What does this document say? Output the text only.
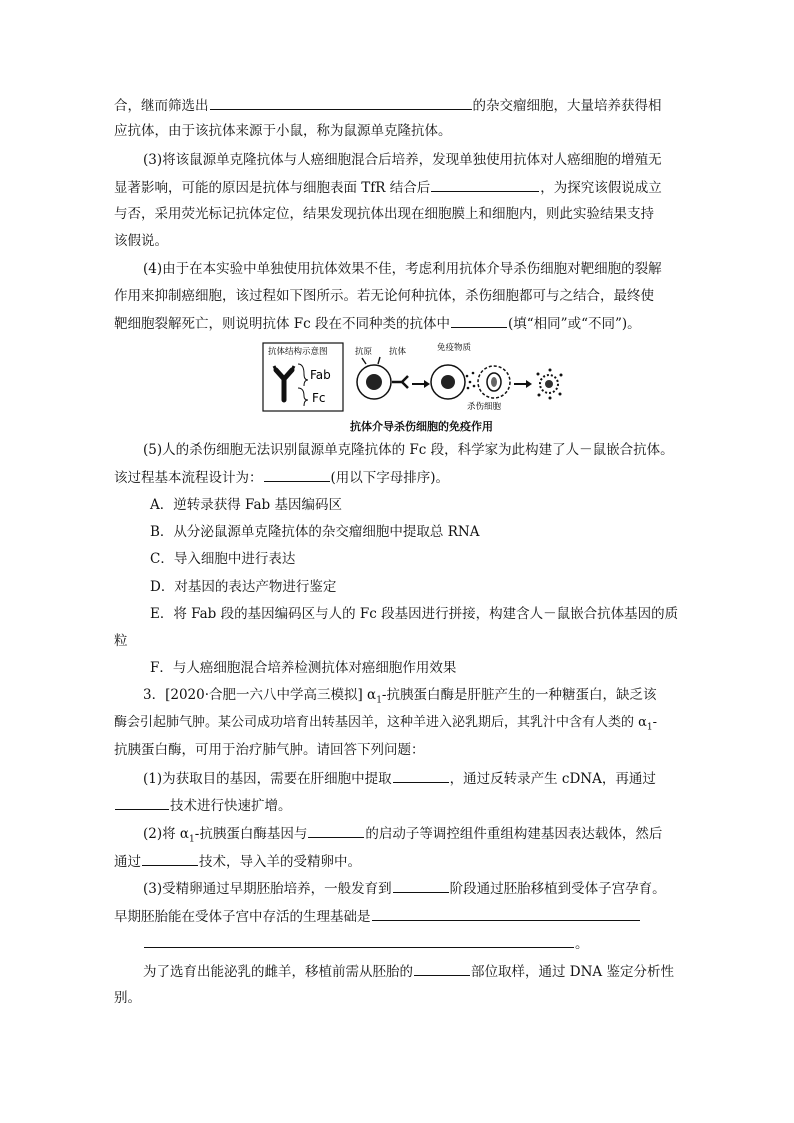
合，继而筛选出	的杂交瘤细胞，大量培养获得相
应抗体，由于该抗体来源于小鼠，称为鼠源单克隆抗体。
(3)将该鼠源单克隆抗体与人癌细胞混合后培养，发现单独使用抗体对人癌细胞的增殖无
显著影响，可能的原因是抗体与细胞表面 TfR 结合后	，为探究该假说成立
与否，采用荧光标记抗体定位，结果发现抗体出现在细胞膜上和细胞内，则此实验结果支持
该假说。
(4)由于在本实验中单独使用抗体效果不佳，考虑利用抗体介导杀伤细胞对靶细胞的裂解
作用来抑制癌细胞，该过程如下图所示。若无论何种抗体，杀伤细胞都可与之结合，最终使
靶细胞裂解死亡，则说明抗体 Fc 段在不同种类的抗体中	(填“相同”或“不同”)。
抗体结构示意图
Fab
Fc
抗原 抗体	免疫物质
杀伤细胞
抗体介导杀伤细胞的免疫作用
(5)人的杀伤细胞无法识别鼠源单克隆抗体的 Fc 段，科学家为此构建了人－鼠嵌合抗体。
该过程基本流程设计为：	(用以下字母排序)。
A．逆转录获得 Fab 基因编码区
B．从分泌鼠源单克隆抗体的杂交瘤细胞中提取总 RNA
C．导入细胞中进行表达
D．对基因的表达产物进行鉴定
E．将 Fab 段的基因编码区与人的 Fc 段基因进行拼接，构建含人－鼠嵌合抗体基因的质
粒
F．与人癌细胞混合培养检测抗体对癌细胞作用效果
3．[2020·合肥一六八中学高三模拟] $\alpha_1-$抗胰蛋白酶是肝脏产生的一种糖蛋白，缺乏该
酶会引起肺气肿。某公司成功培育出转基因羊，这种羊进入泌乳期后，其乳汁中含有人类的 $\alpha_1-$
抗胰蛋白酶，可用于治疗肺气肿。请回答下列问题：
(1)为获取目的基因，需要在肝细胞中提取	，通过反转录产生 cDNA，再通过
技术进行快速扩增。
(2)将 $\alpha_1-$抗胰蛋白酶基因与	的启动子等调控组件重组构建基因表达载体，然后
通过	技术，导入羊的受精卵中。
(3)受精卵通过早期胚胎培养，一般发育到	阶段通过胚胎移植到受体子宫孕育。
早期胚胎能在受体子宫中存活的生理基础是
。
为了选育出能泌乳的雌羊，移植前需从胚胎的	部位取样，通过 DNA 鉴定分析性
别。
